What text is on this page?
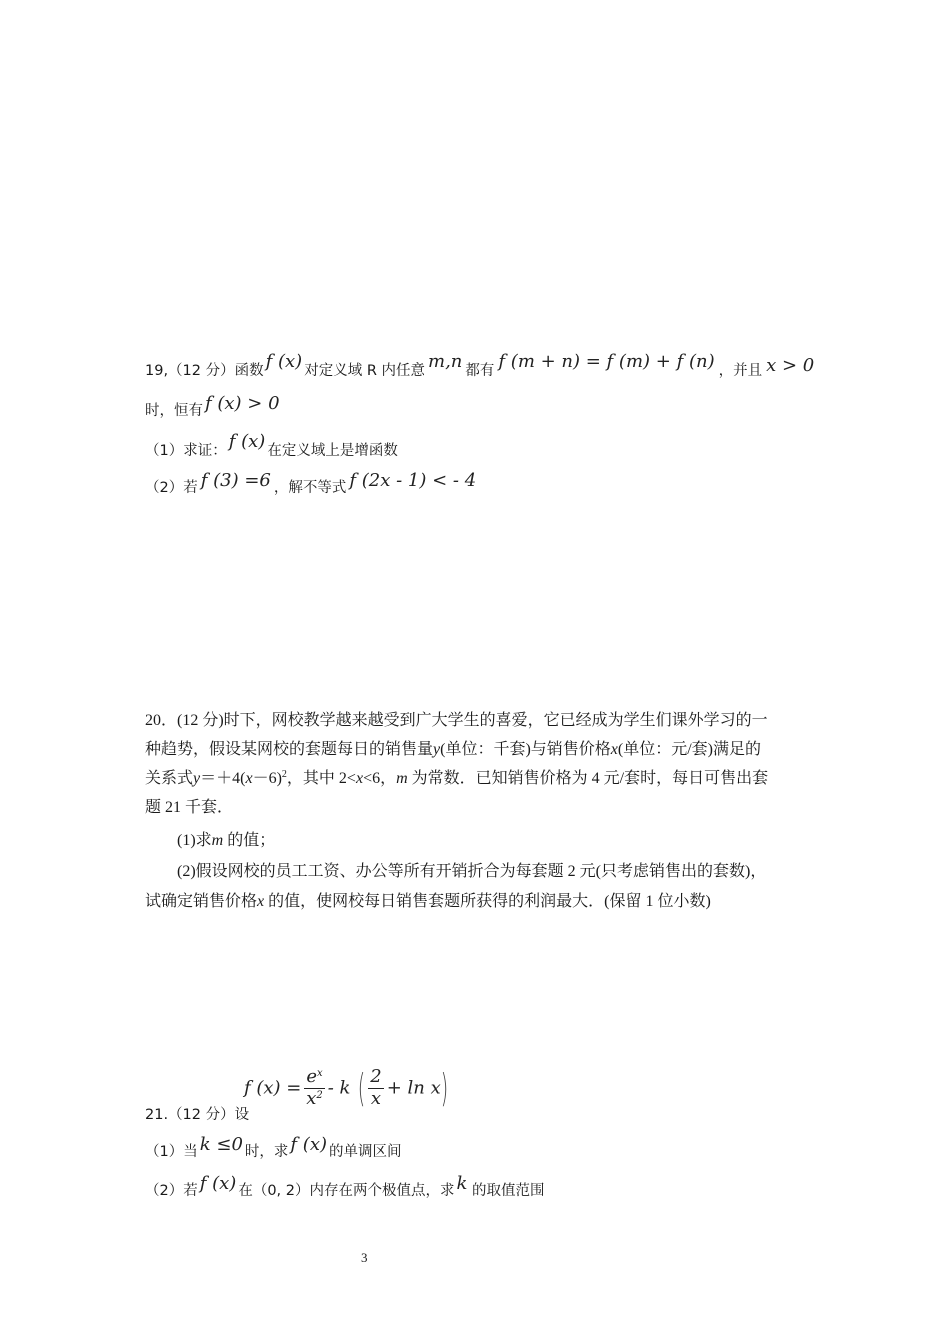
19,（12 分）函数 f (x) 对定义域 R 内任意 m,n 都有 f (m + n) = f (m) + f (n) ，并且 x > 0
时，恒有 f (x) > 0
（1）求证： f (x) 在定义域上是增函数
（2）若 f (3) =6 ，解不等式 f (2x - 1) < - 4
20．(12 分)时下，网校教学越来越受到广大学生的喜爱，它已经成为学生们课外学习的一
种趋势，假设某网校的套题每日的销售量y(单位：千套)与销售价格x(单位：元/套)满足的
关系式$y=+4(x-6)^2$，其中 2<x<6，m 为常数．已知销售价格为 4 元/套时，每日可售出套
题 21 千套．
(1)求m 的值；
(2)假设网校的员工工资、办公等所有开销折合为每套题 2 元(只考虑销售出的套数)，
试确定销售价格x 的值，使网校每日销售套题所获得的利润最大．(保留 1 位小数)
21.（12 分）设
f $(x) = \frac{e^x}{x^2} - k$ ( $\frac{2}{x} + \ln x$)
（1）当 k ≤0 时，求 f (x) 的单调区间
（2）若 f (x) 在（0, 2）内存在两个极值点，求 k 的取值范围
3
